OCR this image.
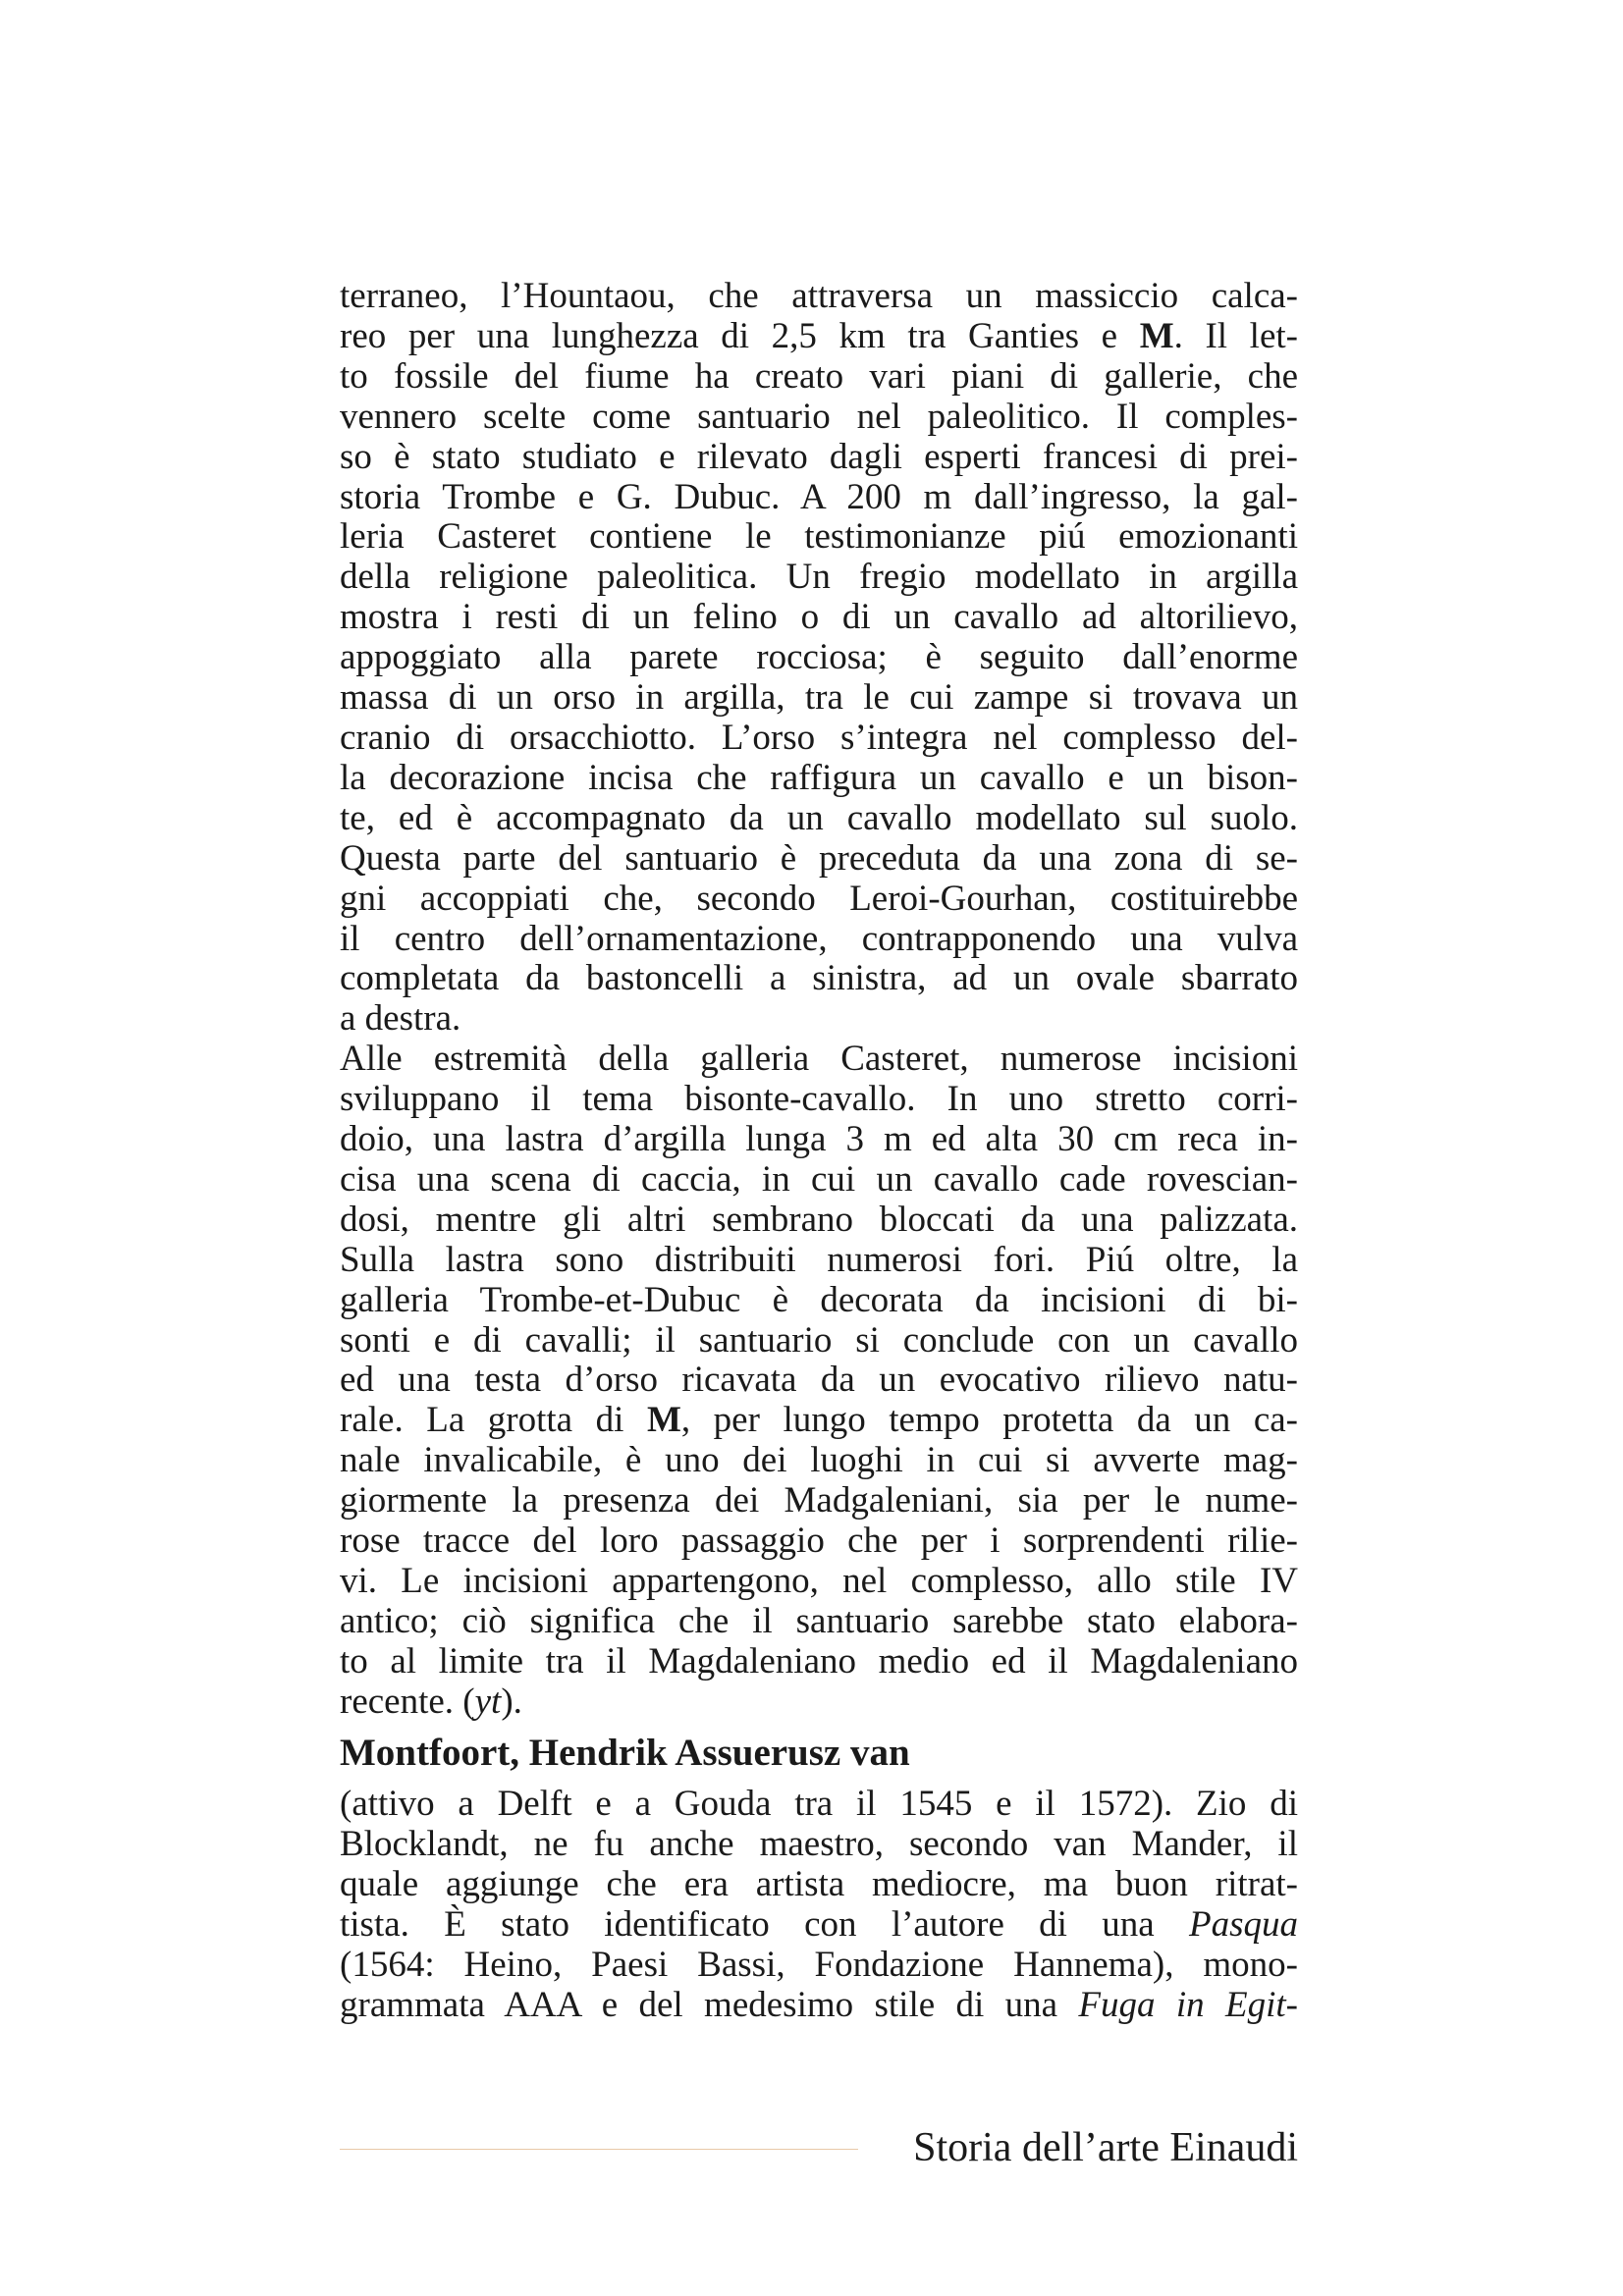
terraneo, l’Hountaou, che attraversa un massiccio calca-
reo per una lunghezza di 2,5 km tra Ganties e M. Il let-
to fossile del fiume ha creato vari piani di gallerie, che
vennero scelte come santuario nel paleolitico. Il comples-
so è stato studiato e rilevato dagli esperti francesi di prei-
storia Trombe e G. Dubuc. A 200 m dall’ingresso, la gal-
leria Casteret contiene le testimonianze piú emozionanti
della religione paleolitica. Un fregio modellato in argilla
mostra i resti di un felino o di un cavallo ad altorilievo,
appoggiato alla parete rocciosa; è seguito dall’enorme
massa di un orso in argilla, tra le cui zampe si trovava un
cranio di orsacchiotto. L’orso s’integra nel complesso del-
la decorazione incisa che raffigura un cavallo e un bison-
te, ed è accompagnato da un cavallo modellato sul suolo.
Questa parte del santuario è preceduta da una zona di se-
gni accoppiati che, secondo Leroi-Gourhan, costituirebbe
il centro dell’ornamentazione, contrapponendo una vulva
completata da bastoncelli a sinistra, ad un ovale sbarrato
a destra.
Alle estremità della galleria Casteret, numerose incisioni
sviluppano il tema bisonte-cavallo. In uno stretto corri-
doio, una lastra d’argilla lunga 3 m ed alta 30 cm reca in-
cisa una scena di caccia, in cui un cavallo cade rovescian-
dosi, mentre gli altri sembrano bloccati da una palizzata.
Sulla lastra sono distribuiti numerosi fori. Piú oltre, la
galleria Trombe-et-Dubuc è decorata da incisioni di bi-
sonti e di cavalli; il santuario si conclude con un cavallo
ed una testa d’orso ricavata da un evocativo rilievo natu-
rale. La grotta di M, per lungo tempo protetta da un ca-
nale invalicabile, è uno dei luoghi in cui si avverte mag-
giormente la presenza dei Madgaleniani, sia per le nume-
rose tracce del loro passaggio che per i sorprendenti rilie-
vi. Le incisioni appartengono, nel complesso, allo stile IV
antico; ciò significa che il santuario sarebbe stato elabora-
to al limite tra il Magdaleniano medio ed il Magdaleniano
recente. (yt).
Montfoort, Hendrik Assuerusz van
(attivo a Delft e a Gouda tra il 1545 e il 1572). Zio di
Blocklandt, ne fu anche maestro, secondo van Mander, il
quale aggiunge che era artista mediocre, ma buon ritrat-
tista. È stato identificato con l’autore di una Pasqua
(1564: Heino, Paesi Bassi, Fondazione Hannema), mono-
grammata AAA e del medesimo stile di una Fuga in Egit-
Storia dell’arte Einaudi
